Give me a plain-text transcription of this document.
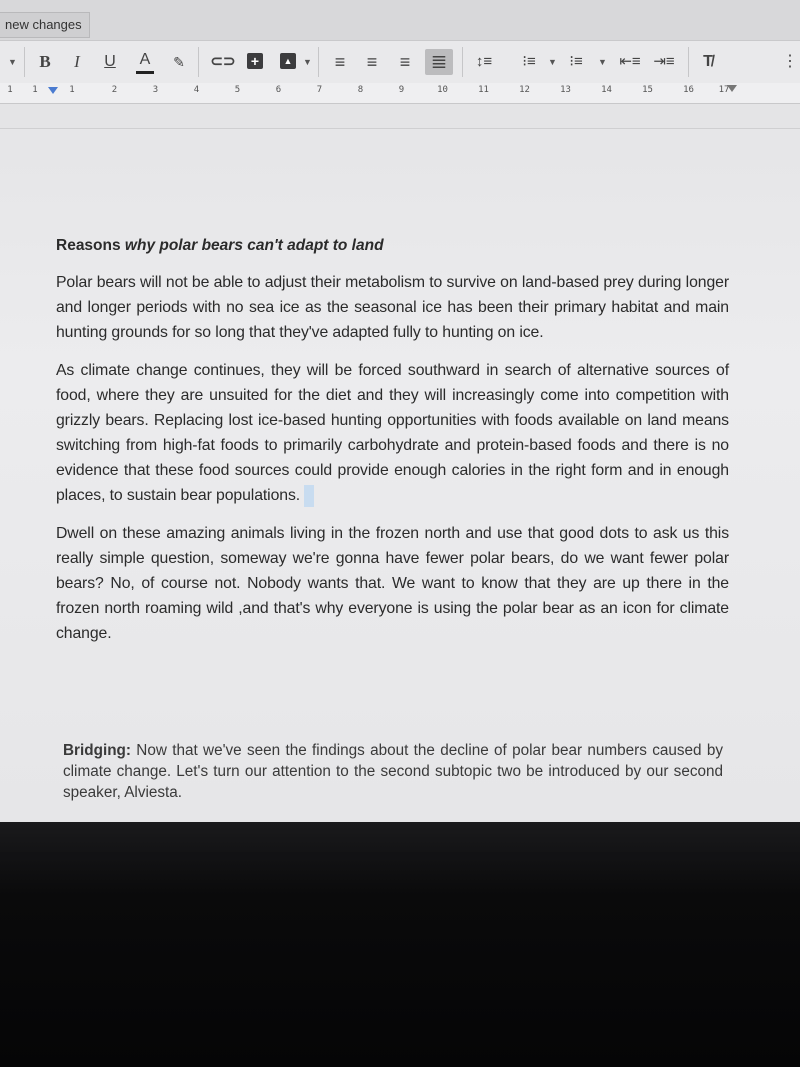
new changes
▼ B I U A ✎ ⊂⊃ +	▲	▼ ≡ ≡ ≡ ≣	↕≡ ⁝≡	▼ ⁝≡	▼ ⇤≡ ⇥≡	T̸	⋮
1	1	1	2	3	4	5	6	7	8	9	10	11	12	13	14	15	16	17
Reasons why polar bears can't adapt to land

Polar bears will not be able to adjust their metabolism to survive on land-based prey during longer and longer periods with no sea ice as the seasonal ice has been their primary habitat and main hunting grounds for so long that they've adapted fully to hunting on ice.

As climate change continues, they will be forced southward in search of alternative sources of food, where they are unsuited for the diet and they will increasingly come into competition with grizzly bears. Replacing lost ice-based hunting opportunities with foods available on land means switching from high-fat foods to primarily carbohydrate and protein-based foods and there is no evidence that these food sources could provide enough calories in the right form and in enough places, to sustain bear populations.

Dwell on these amazing animals living in the frozen north and use that good dots to ask us this really simple question, someway we're gonna have fewer polar bears, do we want fewer polar bears? No, of course not. Nobody wants that. We want to know that they are up there in the frozen north roaming wild ,and that's why everyone is using the polar bear as an icon for climate change.

Bridging: Now that we've seen the findings about the decline of polar bear numbers caused by climate change. Let's turn our attention to the second subtopic two be introduced by our second speaker, Alviesta.
